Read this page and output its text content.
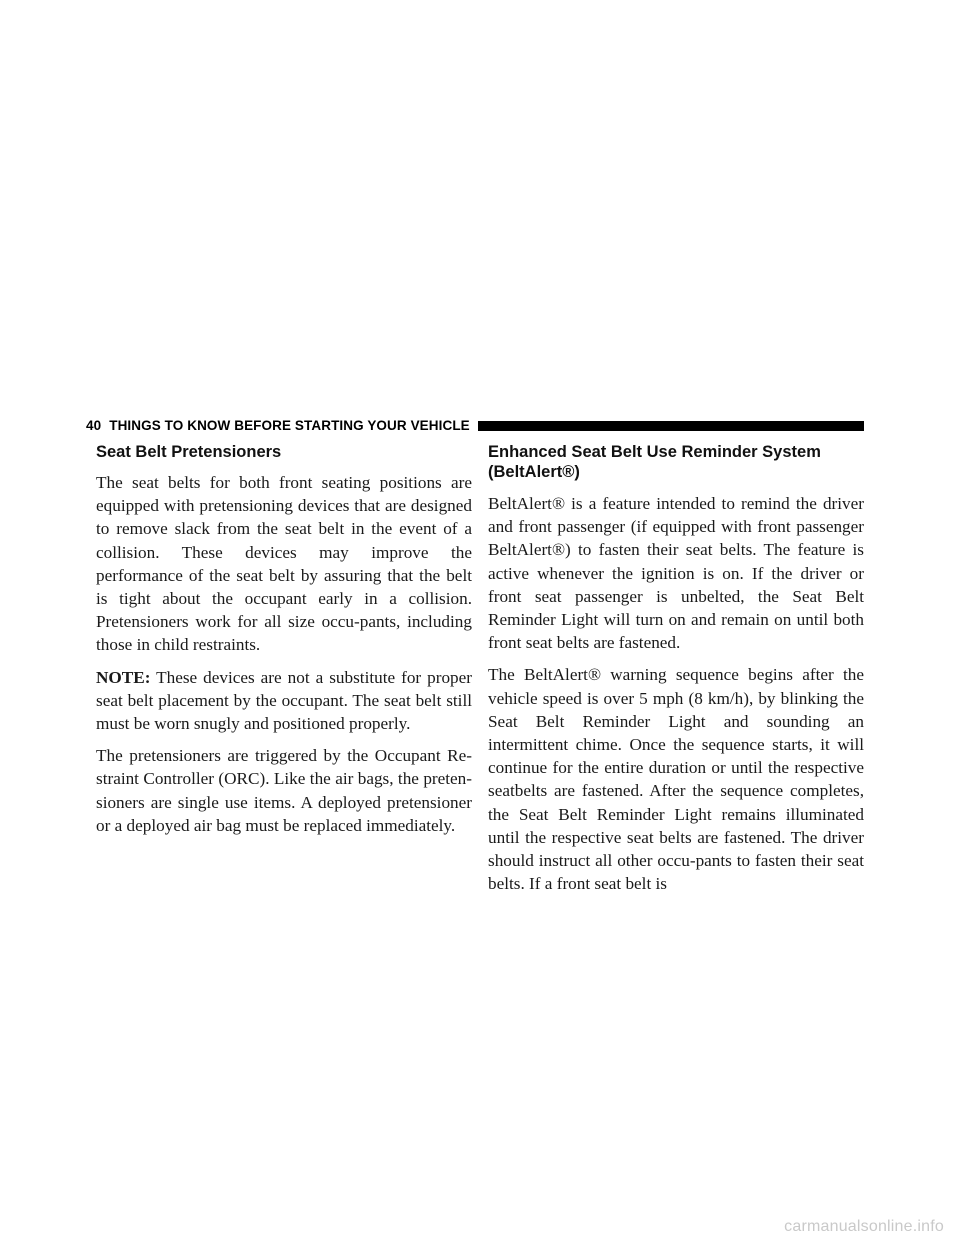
40 THINGS TO KNOW BEFORE STARTING YOUR VEHICLE
Seat Belt Pretensioners

The seat belts for both front seating positions are equipped with pretensioning devices that are designed to remove slack from the seat belt in the event of a collision. These devices may improve the performance of the seat belt by assuring that the belt is tight about the occupant early in a collision. Pretensioners work for all size occu-pants, including those in child restraints.

NOTE: These devices are not a substitute for proper seat belt placement by the occupant. The seat belt still must be worn snugly and positioned properly.

The pretensioners are triggered by the Occupant Re-straint Controller (ORC). Like the air bags, the preten-sioners are single use items. A deployed pretensioner or a deployed air bag must be replaced immediately.

Enhanced Seat Belt Use Reminder System (BeltAlert®)

BeltAlert® is a feature intended to remind the driver and front passenger (if equipped with front passenger BeltAlert®) to fasten their seat belts. The feature is active whenever the ignition is on. If the driver or front seat passenger is unbelted, the Seat Belt Reminder Light will turn on and remain on until both front seat belts are fastened.

The BeltAlert® warning sequence begins after the vehicle speed is over 5 mph (8 km/h), by blinking the Seat Belt Reminder Light and sounding an intermittent chime. Once the sequence starts, it will continue for the entire duration or until the respective seatbelts are fastened. After the sequence completes, the Seat Belt Reminder Light remains illuminated until the respective seat belts are fastened. The driver should instruct all other occu-pants to fasten their seat belts. If a front seat belt is

carmanualsonline.info
